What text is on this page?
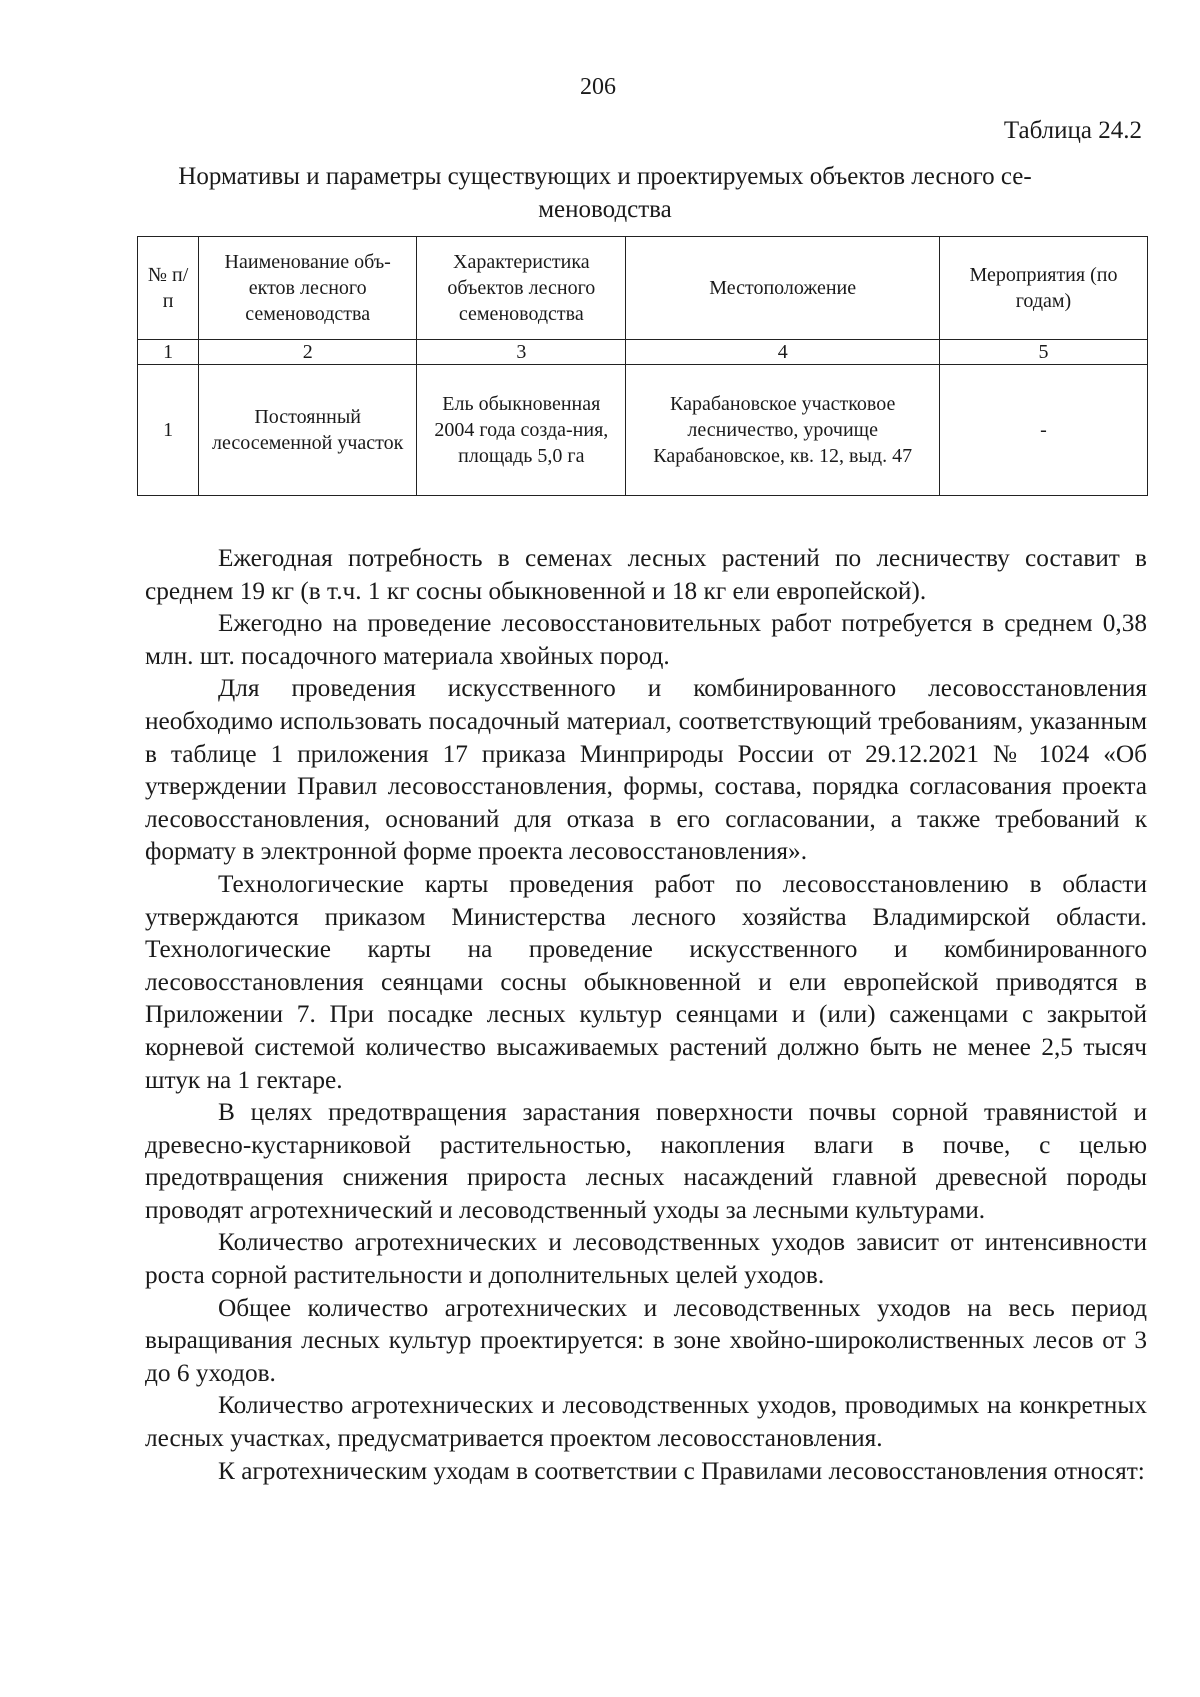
206
Таблица 24.2
Нормативы и параметры существующих и проектируемых объектов лесного се-меноводства
№ п/п	Наименование объ-ектов лесного семеноводства	Характеристика объектов лесного семеноводства	Местоположение	Мероприятия (по годам)
1	2	3	4	5
1	Постоянный лесосеменной участок	Ель обыкновенная 2004 года созда-ния, площадь 5,0 га	Карабановское участковое лесничество, урочище Карабановское, кв. 12, выд. 47	-

Ежегодная потребность в семенах лесных растений по лесничеству составит в среднем 19 кг (в т.ч. 1 кг сосны обыкновенной и 18 кг ели европейской).

Ежегодно на проведение лесовосстановительных работ потребуется в среднем 0,38 млн. шт. посадочного материала хвойных пород.

Для проведения искусственного и комбинированного лесовосстановления необходимо использовать посадочный материал, соответствующий требованиям, указанным в таблице 1 приложения 17 приказа Минприроды России от 29.12.2021 № 1024 «Об утверждении Правил лесовосстановления, формы, состава, порядка согласования проекта лесовосстановления, оснований для отказа в его согласовании, а также требований к формату в электронной форме проекта лесовосстановления».

Технологические карты проведения работ по лесовосстановлению в области утверждаются приказом Министерства лесного хозяйства Владимирской области. Технологические карты на проведение искусственного и комбинированного лесовосстановления сеянцами сосны обыкновенной и ели европейской приводятся в Приложении 7. При посадке лесных культур сеянцами и (или) саженцами с закрытой корневой системой количество высаживаемых растений должно быть не менее 2,5 тысяч штук на 1 гектаре.

В целях предотвращения зарастания поверхности почвы сорной травянистой и древесно-кустарниковой растительностью, накопления влаги в почве, с целью предотвращения снижения прироста лесных насаждений главной древесной породы проводят агротехнический и лесоводственный уходы за лесными культурами.

Количество агротехнических и лесоводственных уходов зависит от интенсивности роста сорной растительности и дополнительных целей уходов.

Общее количество агротехнических и лесоводственных уходов на весь период выращивания лесных культур проектируется: в зоне хвойно-широколиственных лесов от 3 до 6 уходов.

Количество агротехнических и лесоводственных уходов, проводимых на конкретных лесных участках, предусматривается проектом лесовосстановления.

К агротехническим уходам в соответствии с Правилами лесовосстановления относят:
